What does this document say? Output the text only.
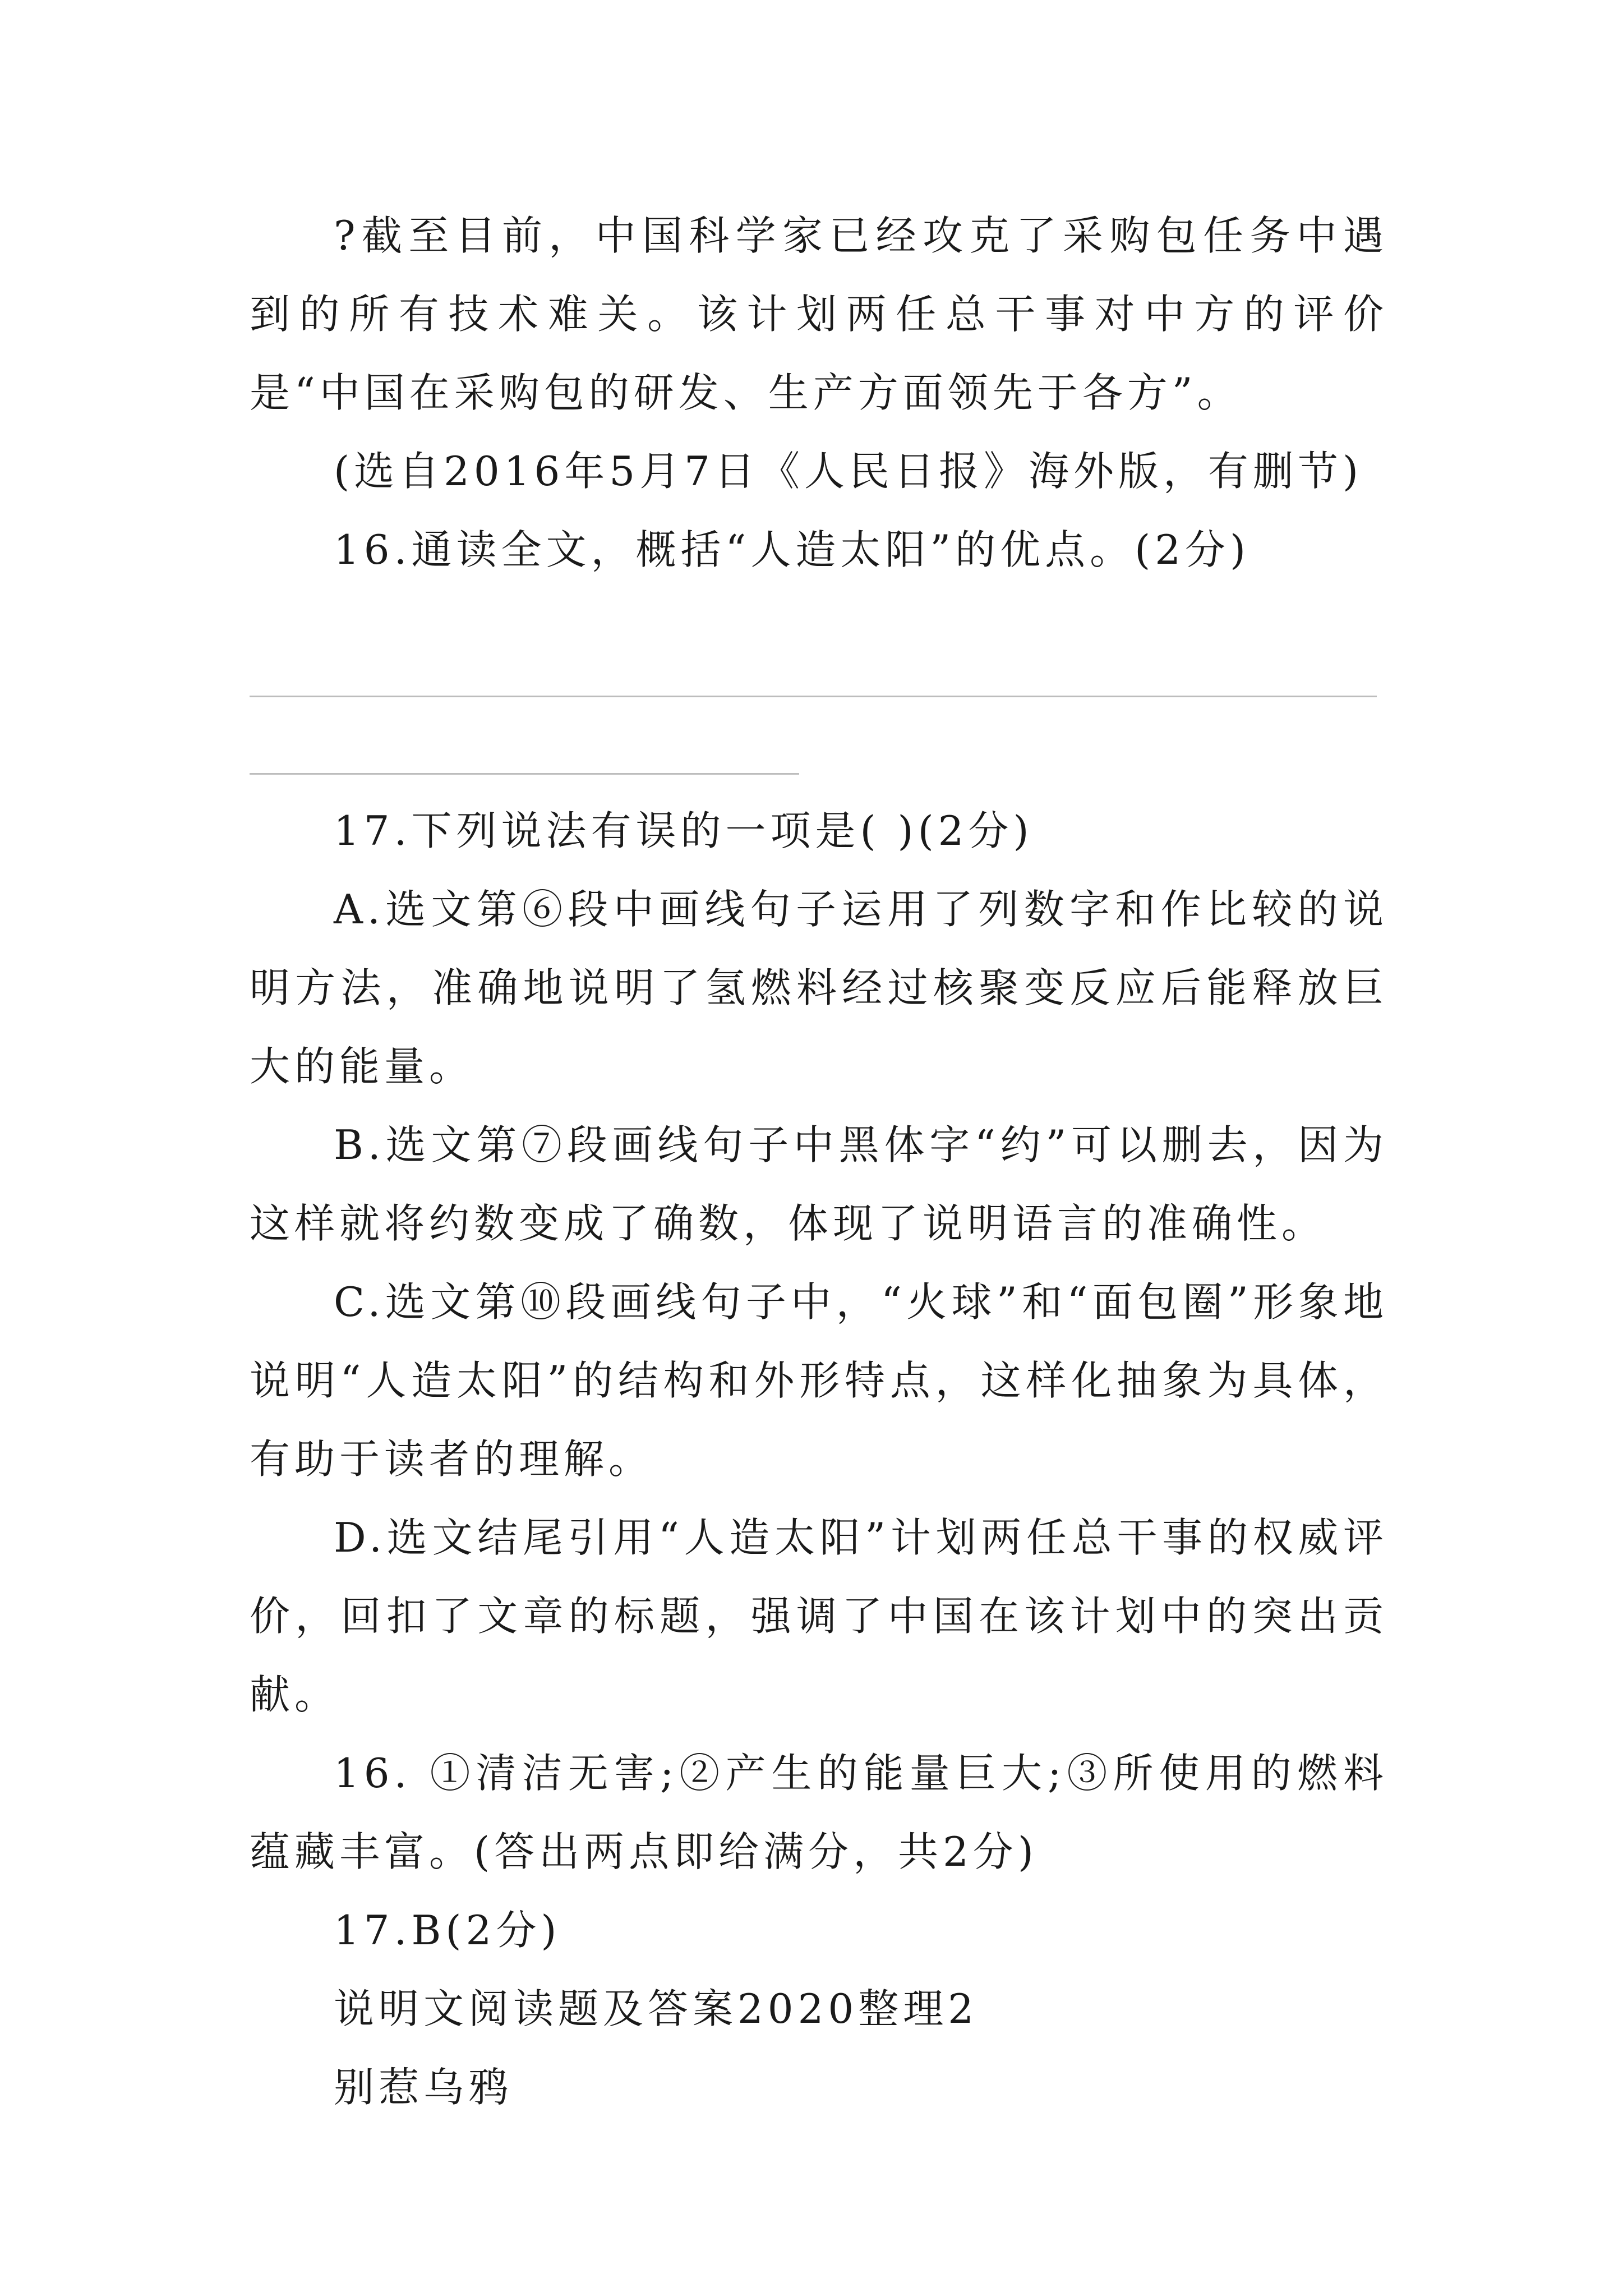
?截至目前，中国科学家已经攻克了采购包任务中遇到的所有技术难关。该计划两任总干事对中方的评价是“中国在采购包的研发、生产方面领先于各方”。

(选自2016年5月7日《人民日报》海外版，有删节)

16.通读全文，概括“人造太阳”的优点。(2分)

17.下列说法有误的一项是( )(2分)

A.选文第⑥段中画线句子运用了列数字和作比较的说明方法，准确地说明了氢燃料经过核聚变反应后能释放巨大的能量。

B.选文第⑦段画线句子中黑体字“约”可以删去，因为这样就将约数变成了确数，体现了说明语言的准确性。

C.选文第⑩段画线句子中，“火球”和“面包圈”形象地说明“人造太阳”的结构和外形特点，这样化抽象为具体，有助于读者的理解。

D.选文结尾引用“人造太阳”计划两任总干事的权威评价，回扣了文章的标题，强调了中国在该计划中的突出贡献。

16. ①清洁无害;②产生的能量巨大;③所使用的燃料蕴藏丰富。(答出两点即给满分，共2分)

17.B(2分)

说明文阅读题及答案2020整理2

别惹乌鸦
